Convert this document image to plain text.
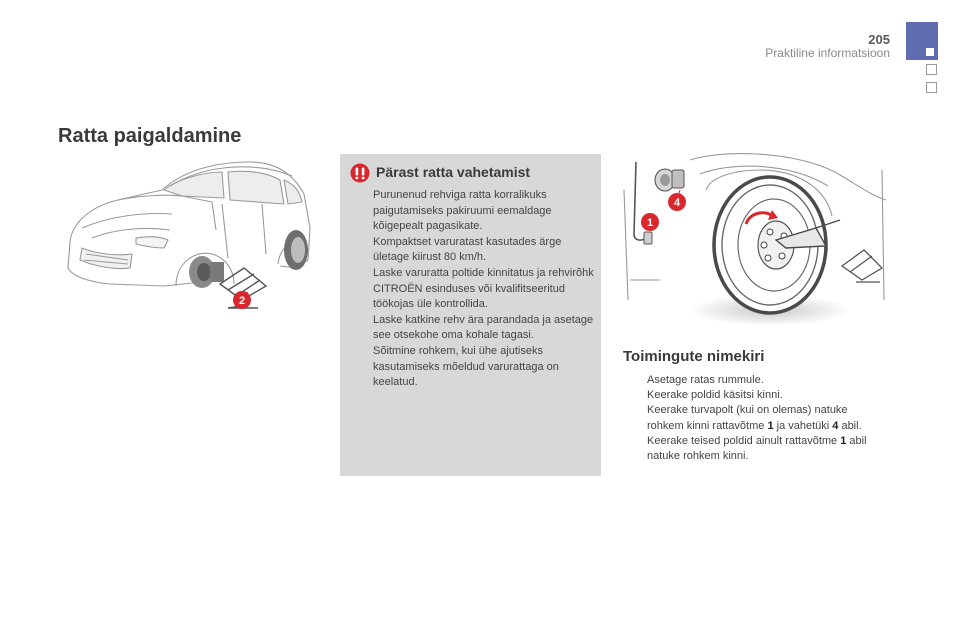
205
Praktiline informatsioon
Ratta paigaldamine
2
Pärast ratta vahetamist

Purunenud rehviga ratta korralikuks paigutamiseks pakiruumi eemaldage kõigepealt pagasikate.

Kompaktset varuratast kasutades ärge ületage kiirust 80 km/h.

Laske varuratta poltide kinnitatus ja rehvirõhk CITROËN esinduses või kvalifitseeritud töökojas üle kontrollida.

Laske katkine rehv ära parandada ja asetage see otsekohe oma kohale tagasi.

Sõitmine rohkem, kui ühe ajutiseks kasutamiseks mõeldud varurattaga on keelatud.

1
4
Toimingute nimekiri
Asetage ratas rummule.
Keerake poldid käsitsi kinni.
Keerake turvapolt (kui on olemas) natuke rohkem kinni rattavõtme 1 ja vahetüki 4 abil.
Keerake teised poldid ainult rattavõtme 1 abil natuke rohkem kinni.
